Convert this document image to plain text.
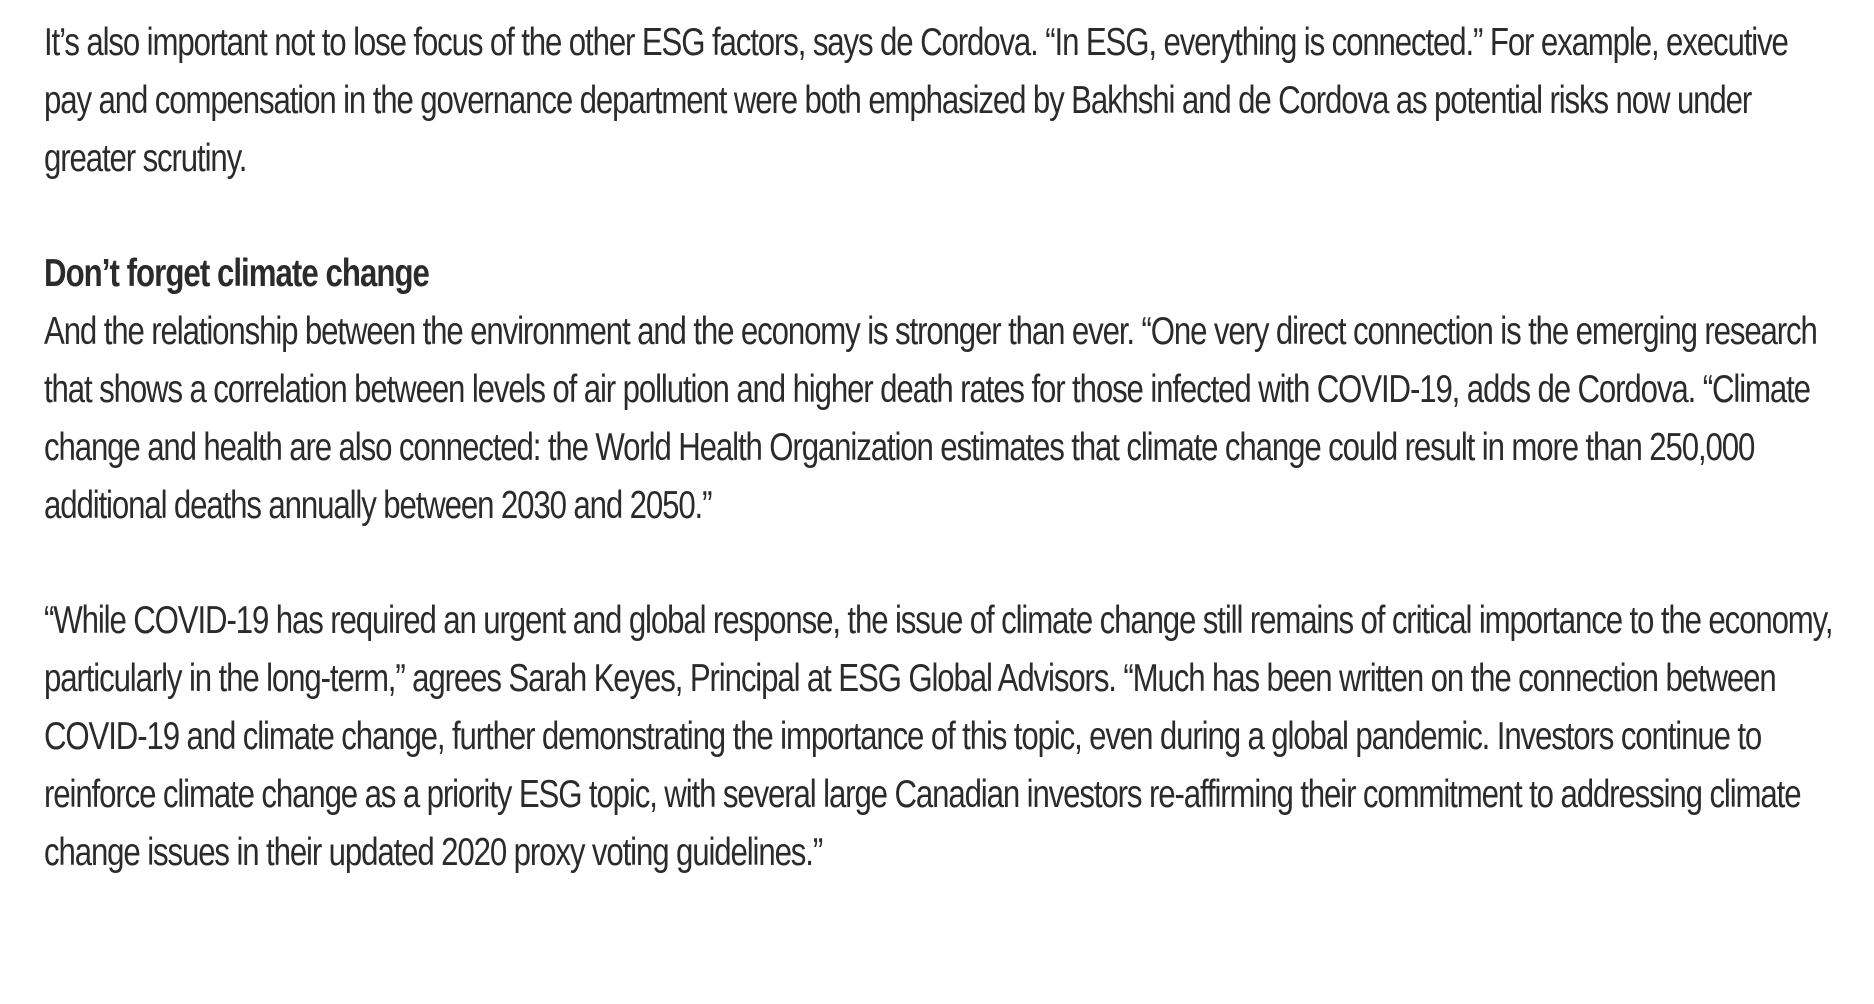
It’s also important not to lose focus of the other ESG factors, says de Cordova. “In ESG, everything is connected.” For example, executive pay and compensation in the governance department were both emphasized by Bakhshi and de Cordova as potential risks now under greater scrutiny.

Don’t forget climate change

And the relationship between the environment and the economy is stronger than ever. “One very direct connection is the emerging research that shows a correlation between levels of air pollution and higher death rates for those infected with COVID-19, adds de Cordova. “Climate change and health are also connected: the World Health Organization estimates that climate change could result in more than 250,000 additional deaths annually between 2030 and 2050.”

“While COVID-19 has required an urgent and global response, the issue of climate change still remains of critical importance to the economy, particularly in the long-term,” agrees Sarah Keyes, Principal at ESG Global Advisors. “Much has been written on the connection between COVID-19 and climate change, further demonstrating the importance of this topic, even during a global pandemic. Investors continue to reinforce climate change as a priority ESG topic, with several large Canadian investors re-affirming their commitment to addressing climate change issues in their updated 2020 proxy voting guidelines.”
